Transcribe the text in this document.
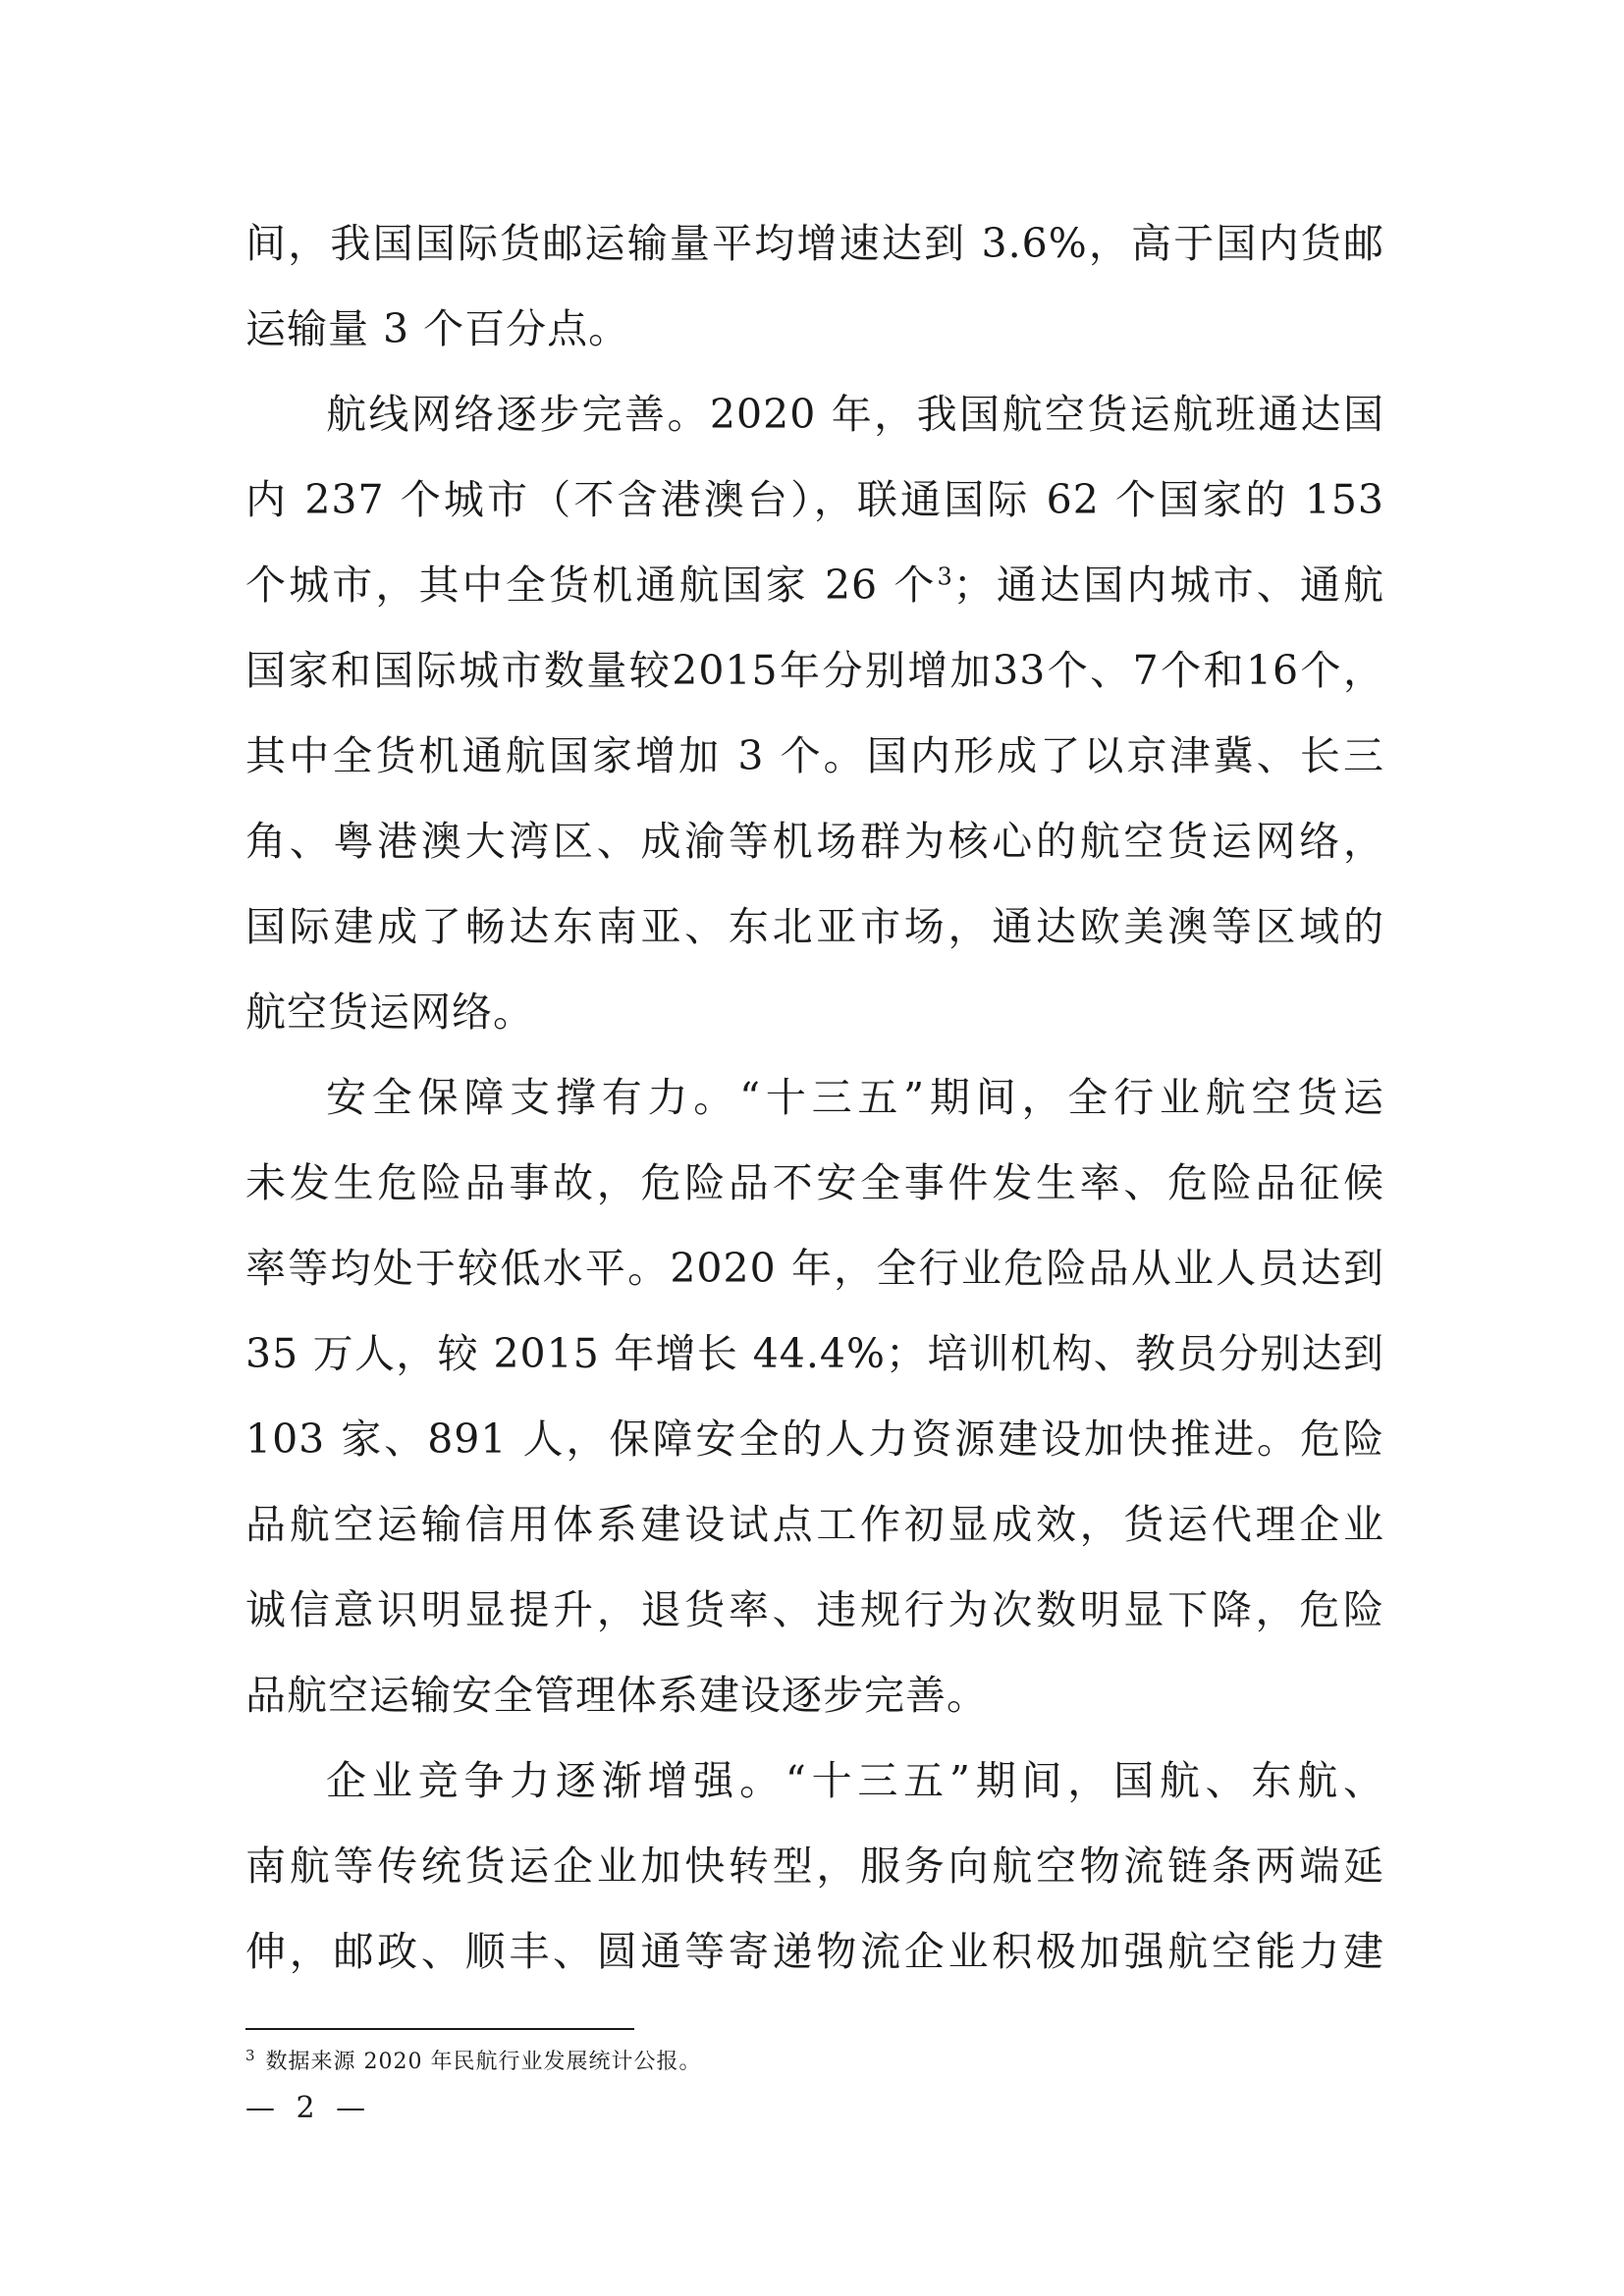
间，我国国际货邮运输量平均增速达到 3.6%，高于国内货邮
运输量 3 个百分点。
航线网络逐步完善。2020 年，我国航空货运航班通达国
内 237 个城市（不含港澳台），联通国际 62 个国家的 153
个城市，其中全货机通航国家 26 个$^3$；通达国内城市、通航
国家和国际城市数量较2015年分别增加33个、7个和16个，
其中全货机通航国家增加 3 个。国内形成了以京津冀、长三
角、粤港澳大湾区、成渝等机场群为核心的航空货运网络，
国际建成了畅达东南亚、东北亚市场，通达欧美澳等区域的
航空货运网络。
安全保障支撑有力。“十三五”期间，全行业航空货运
未发生危险品事故，危险品不安全事件发生率、危险品征候
率等均处于较低水平。2020 年，全行业危险品从业人员达到
35 万人，较 2015 年增长 44.4%；培训机构、教员分别达到
103 家、891 人，保障安全的人力资源建设加快推进。危险
品航空运输信用体系建设试点工作初显成效，货运代理企业
诚信意识明显提升，退货率、违规行为次数明显下降，危险
品航空运输安全管理体系建设逐步完善。
企业竞争力逐渐增强。“十三五”期间，国航、东航、
南航等传统货运企业加快转型，服务向航空物流链条两端延
伸，邮政、顺丰、圆通等寄递物流企业积极加强航空能力建
$^3$ 数据来源 2020 年民航行业发展统计公报。
— 2 —
